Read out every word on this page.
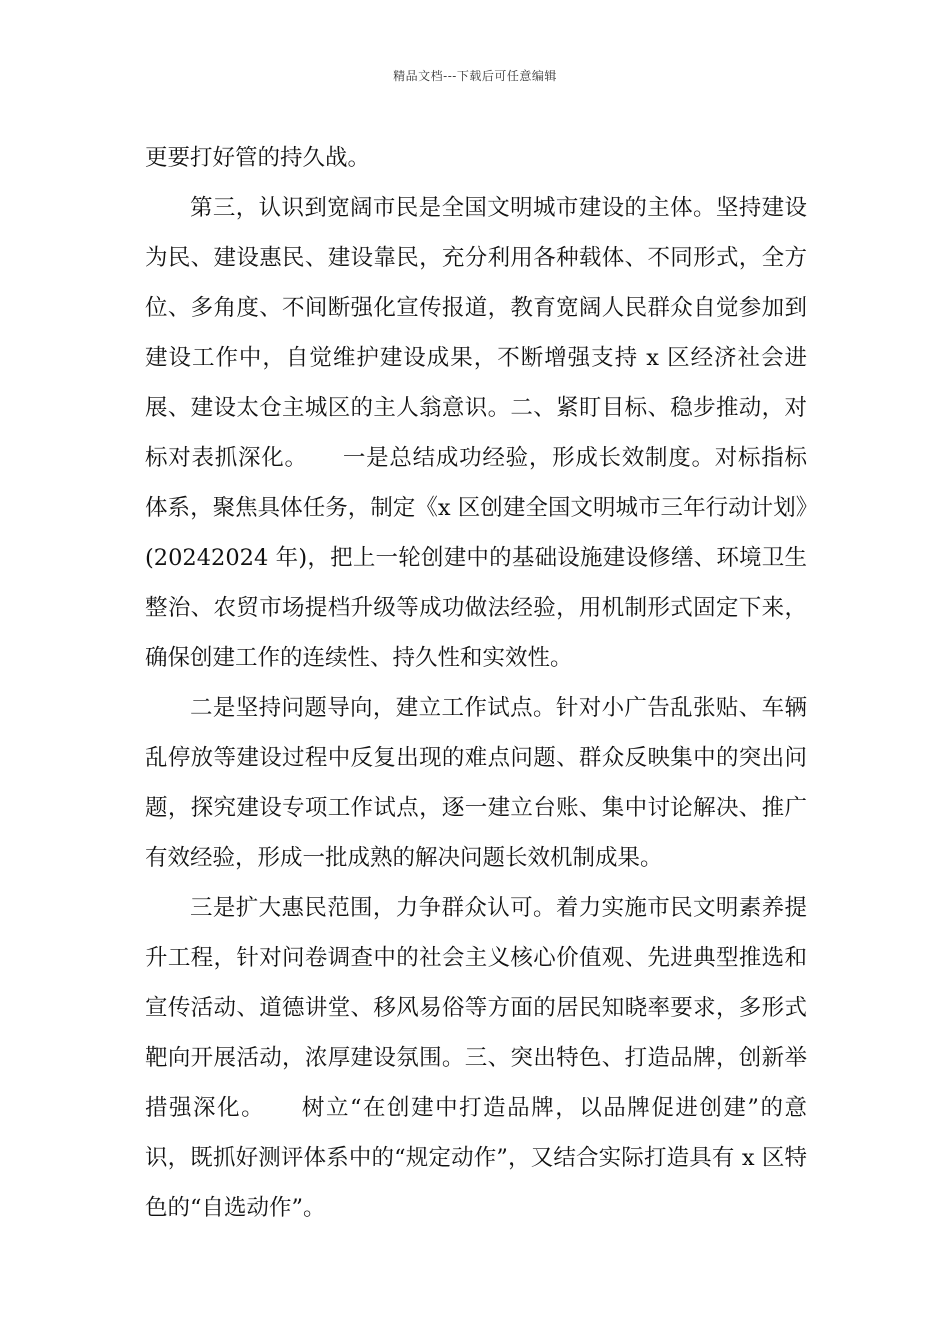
精品文档---下载后可任意编辑

更要打好管的持久战。

第三，认识到宽阔市民是全国文明城市建设的主体。坚持建设为民、建设惠民、建设靠民，充分利用各种载体、不同形式，全方位、多角度、不间断强化宣传报道，教育宽阔人民群众自觉参加到建设工作中，自觉维护建设成果，不断增强支持 x 区经济社会进展、建设太仓主城区的主人翁意识。二、紧盯目标、稳步推动，对标对表抓深化。　　一是总结成功经验，形成长效制度。对标指标体系，聚焦具体任务，制定《x 区创建全国文明城市三年行动计划》(20242024 年)，把上一轮创建中的基础设施建设修缮、环境卫生整治、农贸市场提档升级等成功做法经验，用机制形式固定下来，确保创建工作的连续性、持久性和实效性。

二是坚持问题导向，建立工作试点。针对小广告乱张贴、车辆乱停放等建设过程中反复出现的难点问题、群众反映集中的突出问题，探究建设专项工作试点，逐一建立台账、集中讨论解决、推广有效经验，形成一批成熟的解决问题长效机制成果。

三是扩大惠民范围，力争群众认可。着力实施市民文明素养提升工程，针对问卷调查中的社会主义核心价值观、先进典型推选和宣传活动、道德讲堂、移风易俗等方面的居民知晓率要求，多形式靶向开展活动，浓厚建设氛围。三、突出特色、打造品牌，创新举措强深化。　　树立“在创建中打造品牌，以品牌促进创建”的意识，既抓好测评体系中的“规定动作”，又结合实际打造具有 x 区特色的“自选动作”。
